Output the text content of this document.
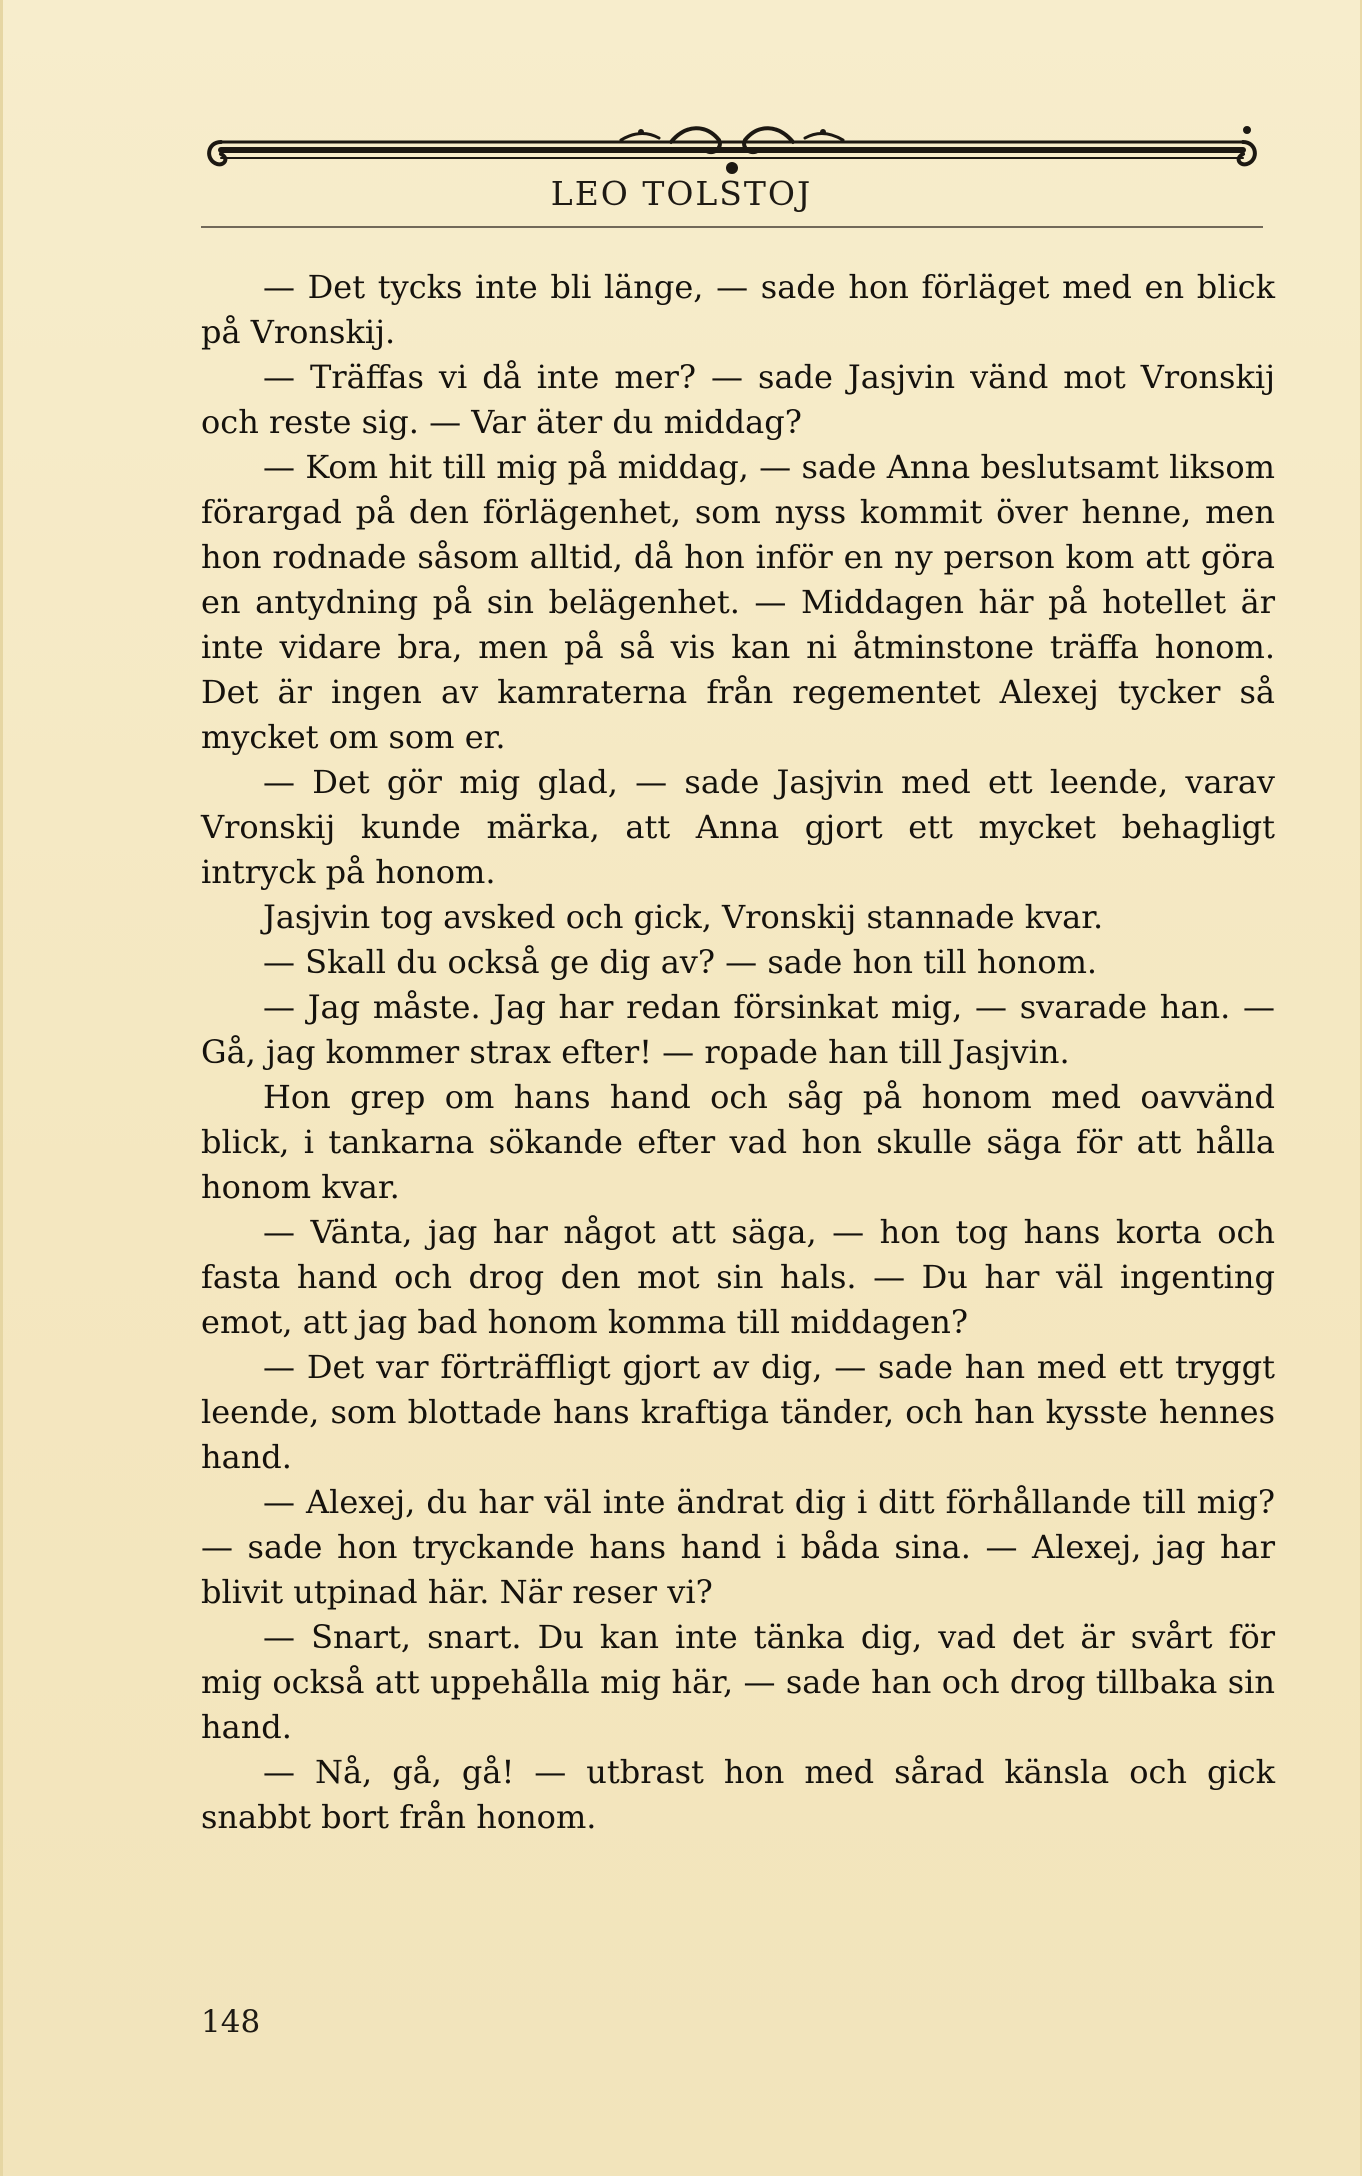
LEO TOLSTOJ

— Det tycks inte bli länge, — sade hon förläget med en blick på Vronskij.

— Träffas vi då inte mer? — sade Jasjvin vänd mot Vronskij och reste sig. — Var äter du middag?

— Kom hit till mig på middag, — sade Anna beslutsamt liksom förargad på den förlägenhet, som nyss kommit över henne, men hon rodnade såsom alltid, då hon inför en ny person kom att göra en antydning på sin belägenhet. — Middagen här på hotellet är inte vidare bra, men på så vis kan ni åtminstone träffa honom. Det är ingen av kamraterna från regementet Alexej tycker så mycket om som er.

— Det gör mig glad, — sade Jasjvin med ett leende, varav Vronskij kunde märka, att Anna gjort ett mycket behagligt intryck på honom.

Jasjvin tog avsked och gick, Vronskij stannade kvar.

— Skall du också ge dig av? — sade hon till honom.

— Jag måste. Jag har redan försinkat mig, — svarade han. — Gå, jag kommer strax efter! — ropade han till Jasjvin.

Hon grep om hans hand och såg på honom med oavvänd blick, i tankarna sökande efter vad hon skulle säga för att hålla honom kvar.

— Vänta, jag har något att säga, — hon tog hans korta och fasta hand och drog den mot sin hals. — Du har väl ingenting emot, att jag bad honom komma till middagen?

— Det var förträffligt gjort av dig, — sade han med ett tryggt leende, som blottade hans kraftiga tänder, och han kysste hennes hand.

— Alexej, du har väl inte ändrat dig i ditt förhållande till mig? — sade hon tryckande hans hand i båda sina. — Alexej, jag har blivit utpinad här. När reser vi?

— Snart, snart. Du kan inte tänka dig, vad det är svårt för mig också att uppehålla mig här, — sade han och drog tillbaka sin hand.

— Nå, gå, gå! — utbrast hon med sårad känsla och gick snabbt bort från honom.

148
